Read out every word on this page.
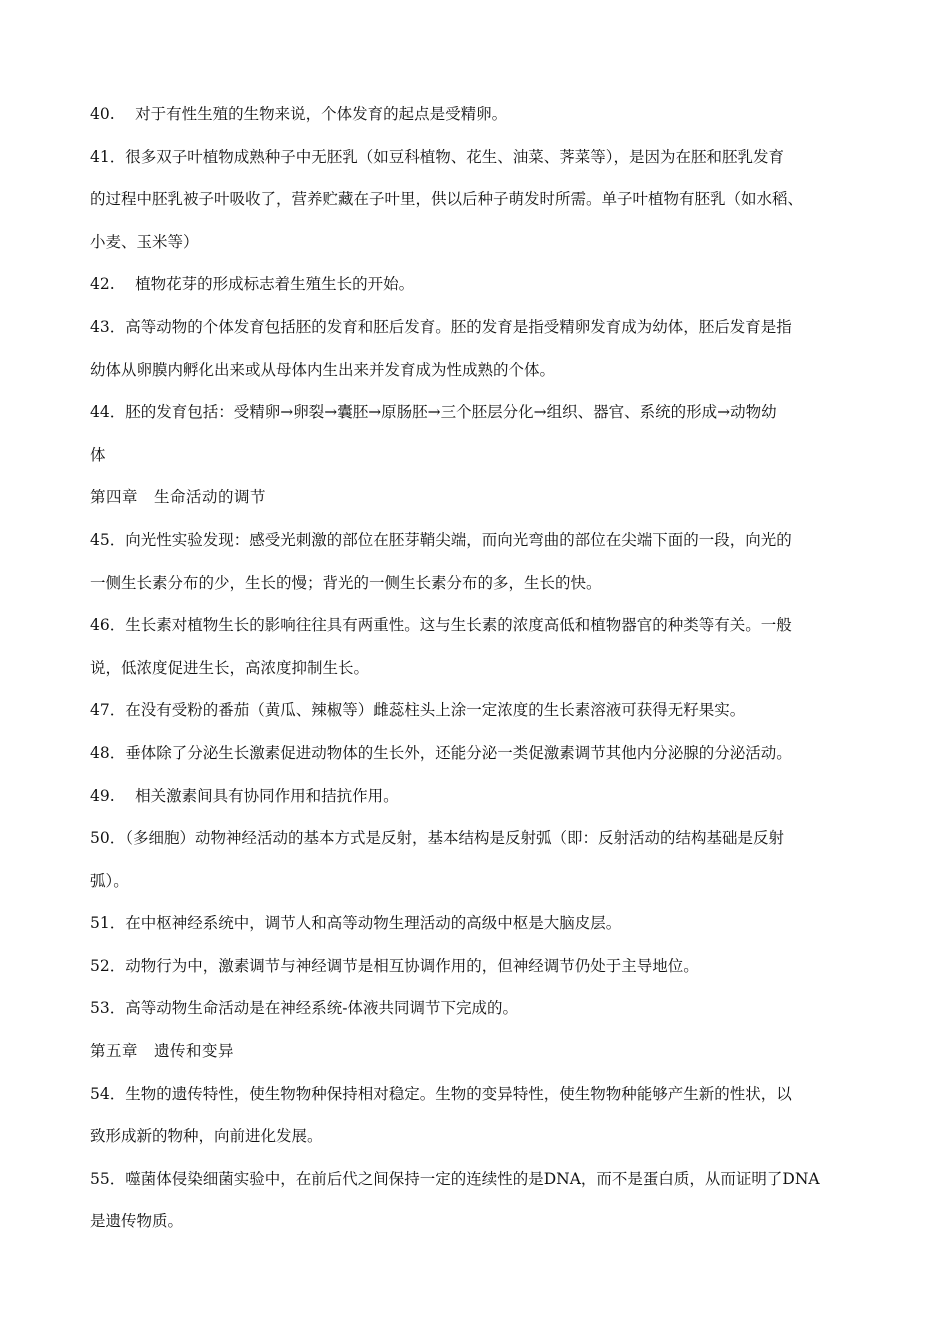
40.　 对于有性生殖的生物来说，个体发育的起点是受精卵。
41．很多双子叶植物成熟种子中无胚乳（如豆科植物、花生、油菜、荠菜等），是因为在胚和胚乳发育
的过程中胚乳被子叶吸收了，营养贮藏在子叶里，供以后种子萌发时所需。单子叶植物有胚乳（如水稻、
小麦、玉米等）
42.　 植物花芽的形成标志着生殖生长的开始。
43．高等动物的个体发育包括胚的发育和胚后发育。胚的发育是指受精卵发育成为幼体，胚后发育是指
幼体从卵膜内孵化出来或从母体内生出来并发育成为性成熟的个体。
44．胚的发育包括：受精卵→卵裂→囊胚→原肠胚→三个胚层分化→组织、器官、系统的形成→动物幼
体
第四章　生命活动的调节
45．向光性实验发现：感受光刺激的部位在胚芽鞘尖端，而向光弯曲的部位在尖端下面的一段，向光的
一侧生长素分布的少，生长的慢；背光的一侧生长素分布的多，生长的快。
46．生长素对植物生长的影响往往具有两重性。这与生长素的浓度高低和植物器官的种类等有关。一般
说，低浓度促进生长，高浓度抑制生长。
47．在没有受粉的番茄（黄瓜、辣椒等）雌蕊柱头上涂一定浓度的生长素溶液可获得无籽果实。
48．垂体除了分泌生长激素促进动物体的生长外，还能分泌一类促激素调节其他内分泌腺的分泌活动。
49.　 相关激素间具有协同作用和拮抗作用。
50．（多细胞）动物神经活动的基本方式是反射，基本结构是反射弧（即：反射活动的结构基础是反射
弧）。
51．在中枢神经系统中，调节人和高等动物生理活动的高级中枢是大脑皮层。
52．动物行为中，激素调节与神经调节是相互协调作用的，但神经调节仍处于主导地位。
53．高等动物生命活动是在神经系统-体液共同调节下完成的。
第五章　遗传和变异
54．生物的遗传特性，使生物物种保持相对稳定。生物的变异特性，使生物物种能够产生新的性状，以
致形成新的物种，向前进化发展。
55．噬菌体侵染细菌实验中，在前后代之间保持一定的连续性的是DNA，而不是蛋白质，从而证明了DNA
是遗传物质。
